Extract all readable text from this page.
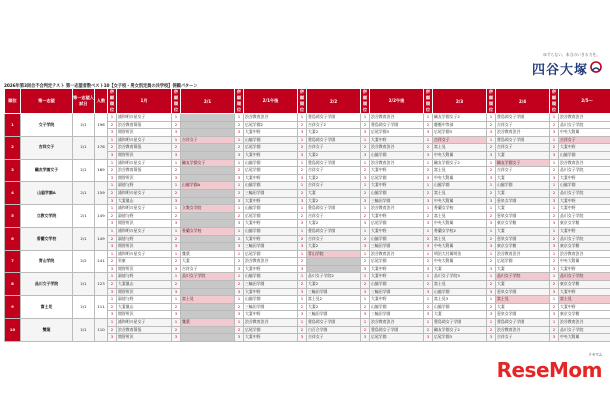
2026年第3回合不合判定テスト 第一志望者数ベスト10【女子校・男女別定員の共学校】併願パターン
ゆずらない、本当のいきる力を。
四谷大塚
順位	第一志望	第一志望入試日	人数	併願順位	1月	併願順位	2/1	併願順位	2/1午後	併願順位	2/2	併願順位	2/2午後	併願順位	2/3	併願順位	2/4	併願順位	2/5～
1	女子学院	2/1	196	1	浦和明の星女子	1		1	渋谷教育渋谷	1	豊島岡女子学園	1	渋谷教育渋谷	1	鷗友学園女子2	1	豊島岡女子学園	1	渋谷教育渋谷
				2	渋谷教育幕張	2		2	広尾学園2	2	吉祥女子2	2	豊島岡女子学園	2	慶應中等部	2	吉祥女子	2	品川女子学院
				3	開智所沢	3		3	大妻中野	3	大妻2	3	広尾学園3	3	広尾学園3	3	渋谷教育渋谷	3	中央大附属
2	吉祥女子	2/1	176	1	浦和明の星女子	1	吉祥女子	1	山脇学園	1	豊島岡女子学園	1	大妻中野	1	吉祥女子	1	豊島岡女子学園	1	吉祥女子
				2	渋谷教育幕張	2		2	広尾学園	2	吉祥女子	2	渋谷教育渋谷	2	富士見	2	吉祥女子	2	大妻中野
				3	開智所沢	3		3	大妻中野	3	大妻2	3	山脇学園	3	中央大附属	3	大妻	3	山脇学園
3	鷗友学園女子	2/1	169	1	浦和明の星女子	1	鷗友学園女子	1	山脇学園	1	豊島岡女子学園	1	渋谷教育渋谷	1	鷗友学園女子2	1	鷗友学園女子	1	渋谷教育渋谷
				2	渋谷教育幕張	2		2	広尾学園	2	吉祥女子	2	大妻中野	2	富士見	2	吉祥女子	2	品川女子学院
				3	開智所沢	3		3	大妻中野	3	大妻2	3	広尾学園	3	中央大附属	3	大妻	3	大妻中野
4	山脇学園A	2/1	159	1	淑徳与野	1	山脇学園A	1	山脇学園	1	吉祥女子	1	大妻中野	1	山脇学園	1	山脇学園	1	山脇学園
				2	浦和明の星女子	2		2	三輪田学園	2	大妻	2	山脇学園	2	富士見	2	大妻	2	品川女子学院
				3	大妻嵐山	3		3	大妻中野	3	大妻2	3	三輪田学園	3	中央大附属	3	恵泉女学園	3	大妻中野
5	立教女学院	2/1	149	1	浦和明の星女子	1	立教女学院	1	山脇学園	1	豊島岡女子学園	1	渋谷教育渋谷	1	香蘭女学校	1	大妻	1	大妻中野
				2	淑徳与野	2		2	広尾学園	2	吉祥女子	2	大妻中野	2	富士見	2	恵泉女学園	2	品川女子学院
				3	開智所沢	3		3	大妻中野	3	大妻2	3	広尾学園	3	中央大附属	3	東京女学館	3	東京女学館
6	香蘭女学校	2/1	149	1	浦和明の星女子	1	香蘭女学校	1	山脇学園	1	豊島岡女子学園	1	大妻中野	1	香蘭女学校2	1	大妻	1	大妻中野
				2	淑徳与野	2		2	大妻中野	2	吉祥女子	2	山脇学園	2	富士見	2	恵泉女学園	2	品川女子学院
				3	開智所沢	3		3	三輪田学園	3	大妻2	3	三輪田学園	3	中央大附属	3	東京女学館	3	東京女学館
7	青山学院	2/2	141	1	浦和明の星女子	1	雙葉	1	広尾学園	1	青山学院	1	渋谷教育渋谷	1	明治大付属明治	1	渋谷教育渋谷	1	渋谷教育渋谷
				2	栄東	2	大妻	2	渋谷教育渋谷	2		2	広尾学園	2	中央大附属	2	広尾学園	2	中央大附属
				3	開智所沢	3	吉祥女子	3	大妻中野	3		3	大妻中野	3	大妻	3	大妻	3	大妻中野
8	品川女子学院	2/1	123	1	淑徳与野	1	品川女子学院	1	山脇学園	1	品川女子学院2	1	大妻中野	1	品川女子学院3	1	品川女子学院	1	品川女子学院
				2	大妻嵐山	2		2	三輪田学園	2	大妻2	2	山脇学園	2	富士見	2	大妻	2	東京女学館
				3	開智所沢	3		3	大妻中野	3	三輪田学園	3	三輪田学園	3	山脇学園	3	恵泉女学園	3	大妻中野
9	富士見	2/1	111	1	淑徳与野	1	富士見	1	山脇学園	1	富士見2	1	大妻中野	1	富士見3	1	富士見	1	富士見
				2	大妻嵐山	2		2	三輪田学園	2	大妻2	2	山脇学園	2	山脇学園	2	大妻	2	大妻中野
				3	開智所沢	3		3	大妻中野	3	三輪田学園	3	三輪田学園	3	大妻	3	恵泉女学園	3	東京女学館
10	雙葉	2/1	110	1	浦和明の星女子	1	雙葉	1	渋谷教育渋谷	1	豊島岡女子学園	1	渋谷教育渋谷	1	豊島岡女子学園	1	豊島岡女子学園	1	渋谷教育渋谷
				2	渋谷教育幕張	2		2	広尾学園	2	白百合学園	2	豊島岡女子学園	2	鷗友学園女子2	2	渋谷教育渋谷	2	品川女子学院
				3	開智所沢	3		3	大妻中野	3	吉祥女子	3	広尾学園	3	広尾学園3	3	吉祥女子	3	中央大附属
リセマム
ReseMom
